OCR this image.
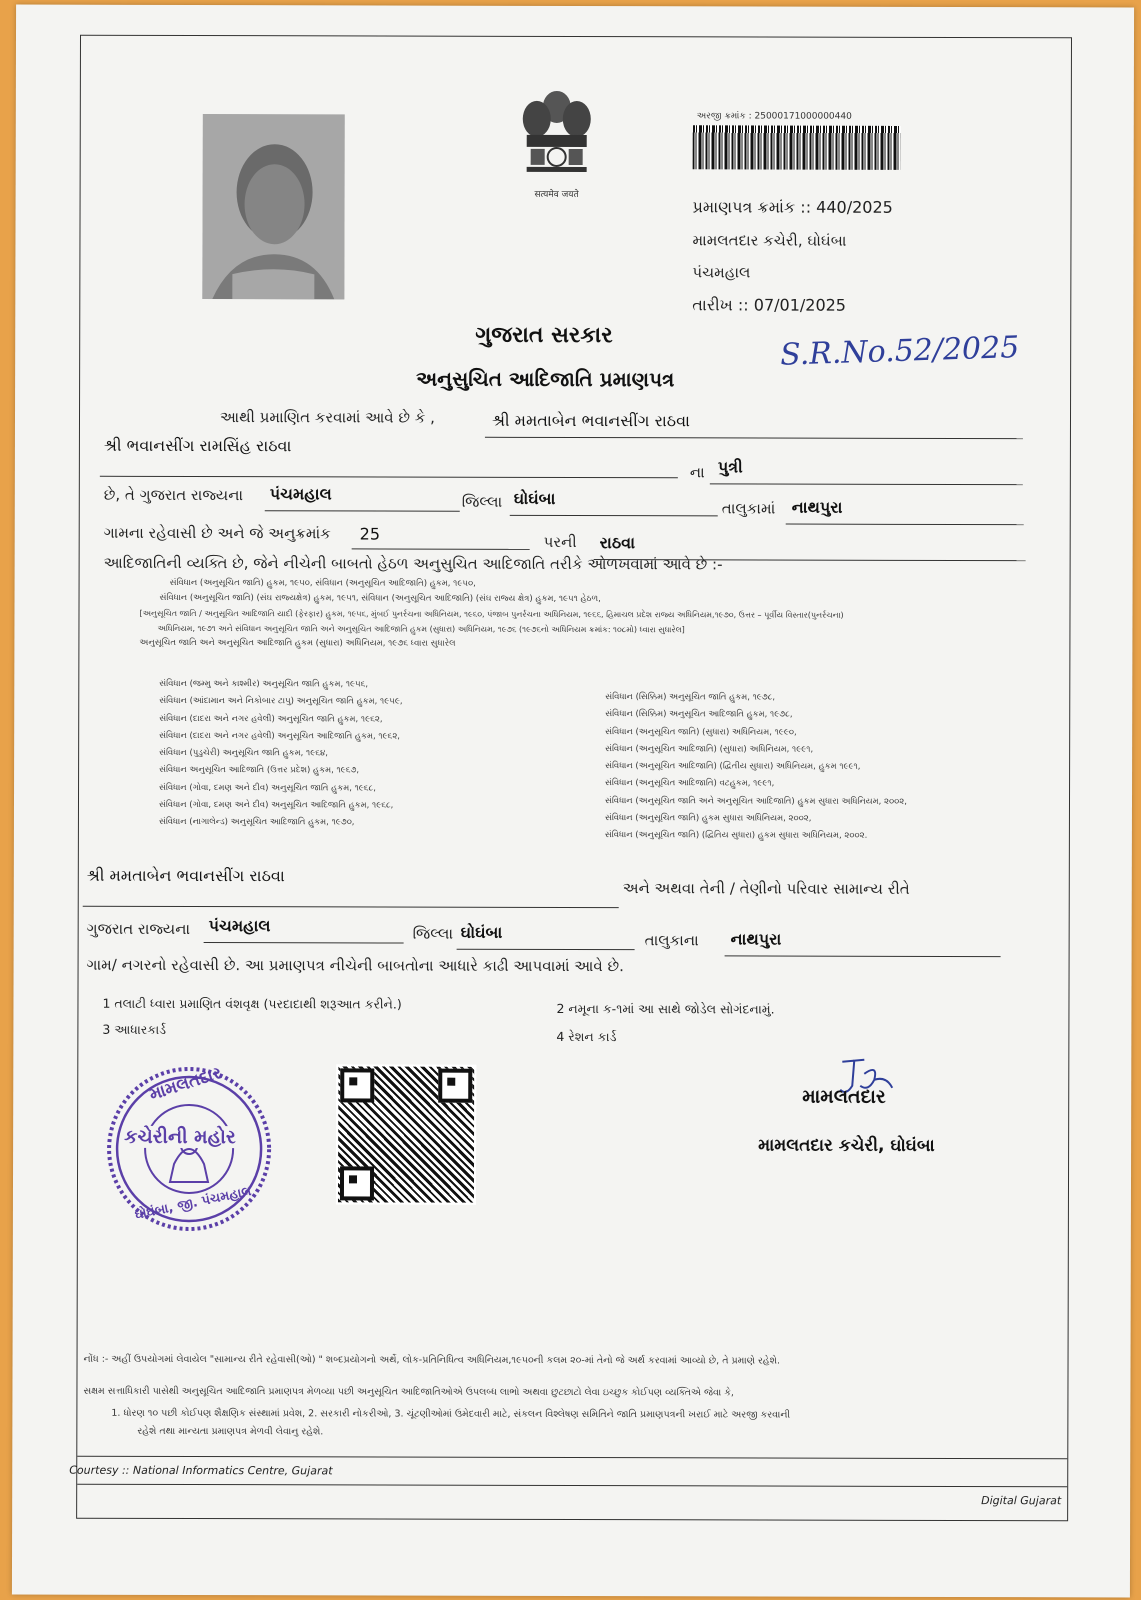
सत्यमेव जयते
અરજી ક્રમાંક : 25000171000000440
પ્રમાણપત્ર ક્રમાંક :: 440/2025
મામલતદાર કચેરી, ઘોઘંબા
પંચમહાલ
તારીખ :: 07/01/2025
S.R.No.52/2025
ગુજરાત સરકાર
અનુસુચિત આદિજાતિ પ્રમાણપત્ર
આથી પ્રમાણિત કરવામાં આવે છે કે ,	શ્રી મમતાબેન ભવાનસીંગ રાઠવા
શ્રી ભવાનસીંગ રામસિંહ રાઠવા
ના પુત્રી
છે, તે ગુજરાત રાજ્યના પંચમહાલ	જિલ્લા ઘોઘંબા
તાલુકામાં નાથપુરા
ગામના રહેવાસી છે અને જે અનુક્રમાંક 25	પરની રાઠવા
આદિજાતિની વ્યક્તિ છે, જેને નીચેની બાબતો હેઠળ અનુસુચિત આદિજાતિ તરીકે ઓળખવામાં આવે છે :-
સંવિધાન (અનુસૂચિત જાતિ) હુકમ, ૧૯૫૦, સંવિધાન (અનુસૂચિત આદિજાતિ) હુકમ, ૧૯૫૦,
સંવિધાન (અનુસૂચિત જાતિ) (સંઘ રાજ્યક્ષેત્ર) હુકમ, ૧૯૫૧, સંવિધાન (અનુસૂચિત આદિજાતિ) (સંઘ રાજ્ય ક્ષેત્ર) હુકમ, ૧૯૫૧ હેઠળ,
[અનુસૂચિત જાતિ / અનુસૂચિત આદિજાતિ યાદી (ફેરફાર) હુકમ, ૧૯૫૬, મુંબઈ પુનર્રચના અધિનિયમ, ૧૯૬૦, પંજાબ પુનર્રચના અધિનિયમ, ૧૯૬૬, હિમાચલ પ્રદેશ રાજ્ય અધિનિયમ,૧૯૭૦, ઉત્તર – પૂર્વીય વિસ્તાર(પુનર્રચના)
અધિનિયમ, ૧૯૭૧ અને સંવિધાન અનુસૂચિત જાતિ અને અનુસૂચિત આદિજાતિ હુકમ (સુધારા) અધિનિયમ, ૧૯૭૬ (૧૯૭૬નો અધિનિયમ ક્રમાંક: ૧૦૮મો) ધ્વારા સુધારેલ]
અનુસૂચિત જાતિ અને અનુસૂચિત આદિજાતિ હુકમ (સુધારા) અધિનિયમ, ૧૯૭૬ ધ્વારા સુધારેલ
સંવિધાન (જમ્મુ અને કાશ્મીર) અનુસૂચિત જાતિ હુકમ, ૧૯૫૬,
સંવિધાન (આંદામાન અને નિકોબાર ટાપુ) અનુસૂચિત જાતિ હુકમ, ૧૯૫૯,
સંવિધાન (દાદરા અને નગર હવેલી) અનુસૂચિત જાતિ હુકમ, ૧૯૬૨,
સંવિધાન (દાદરા અને નગર હવેલી) અનુસૂચિત આદિજાતિ હુકમ, ૧૯૬૨,
સંવિધાન (પુડુચેરી) અનુસૂચિત જાતિ હુકમ, ૧૯૬૪,
સંવિધાન અનુસૂચિત આદિજાતિ (ઉત્તર પ્રદેશ) હુકમ, ૧૯૬૭,
સંવિધાન (ગોવા, દમણ અને દીવ) અનુસૂચિત જાતિ હુકમ, ૧૯૬૮,
સંવિધાન (ગોવા, દમણ અને દીવ) અનુસૂચિત આદિજાતિ હુકમ, ૧૯૬૮,
સંવિધાન (નાગાલેન્ડ) અનુસૂચિત આદિજાતિ હુકમ, ૧૯૭૦,
સંવિધાન (સિક્કિમ) અનુસૂચિત જાતિ હુકમ, ૧૯૭૮,
સંવિધાન (સિક્કિમ) અનુસૂચિત આદિજાતિ હુકમ, ૧૯૭૮,
સંવિધાન (અનુસૂચિત જાતિ) (સુધારા) અધિનિયમ, ૧૯૯૦,
સંવિધાન (અનુસૂચિત આદિજાતિ) (સુધારા) અધિનિયમ, ૧૯૯૧,
સંવિધાન (અનુસૂચિત આદિજાતિ) (દ્વિતીય સુધારા) અધિનિયમ, હુકમ ૧૯૯૧,
સંવિધાન (અનુસૂચિત આદિજાતિ) વટહુકમ, ૧૯૯૧,
સંવિધાન (અનુસૂચિત જાતિ અને અનુસૂચિત આદિજાતિ) હુકમ સુધારા અધિનિયમ, ૨૦૦૨,
સંવિધાન (અનુસૂચિત જાતિ) હુકમ સુધારા અધિનિયમ, ૨૦૦૨,
સંવિધાન (અનુસૂચિત જાતિ) (દ્વિતિય સુધારા) હુકમ સુધારા અધિનિયમ, ૨૦૦૨.
શ્રી મમતાબેન ભવાનસીંગ રાઠવા
અને અથવા તેની / તેણીનો પરિવાર સામાન્ય રીતે
ગુજરાત રાજ્યના પંચમહાલ	જિલ્લા ઘોઘંબા	તાલુકાના નાથપુરા
ગામ/ નગરનો રહેવાસી છે. આ પ્રમાણપત્ર નીચેની બાબતોના આધારે કાઢી આપવામાં આવે છે.
1 તલાટી ધ્વારા પ્રમાણિત વંશવૃક્ષ (પરદાદાથી શરૂઆત કરીને.)	2 નમૂના ક-૧માં આ સાથે જોડેલ સોગંદનામું.
3 આધારકાર્ડ	4 રેશન કાર્ડ
મામલતદાર
કચેરીની મહોર
ઘોઘંબા, જી. પંચમહાલ
મામલતદાર
મામલતદાર કચેરી, ઘોઘંબા
નોંધ :- અહીં ઉપયોગમાં લેવાયેલ "સામાન્ય રીતે રહેવાસી(ઓ) " શબ્દપ્રયોગનો અર્થે, લોક-પ્રતિનિધિત્વ અધિનિયમ,૧૯૫૦ની કલમ ૨૦-માં તેનો જે અર્થ કરવામાં આવ્યો છે, તે પ્રમાણે રહેશે.
સક્ષમ સત્તાધિકારી પાસેથી અનુસૂચિત આદિજાતિ પ્રમાણપત્ર મેળવ્યા પછી અનુસૂચિત આદિજાતિઓએ ઉપલબ્ધ લાભો અથવા છુટછાટો લેવા ઇચ્છુક કોઈપણ વ્યક્તિએ જેવા કે,
1. ધોરણ ૧૦ પછી કોઈપણ શૈક્ષણિક સંસ્થામાં પ્રવેશ, 2. સરકારી નોકરીઓ, 3. ચૂંટણીઓમાં ઉમેદવારી માટે, સંકલન વિશ્લેષણ સમિતિને જાતિ પ્રમાણપત્રની ખરાઈ માટે અરજી કરવાની
રહેશે તથા માન્યતા પ્રમાણપત્ર મેળવી લેવાનુ રહેશે.
Courtesy :: National Informatics Centre, Gujarat
Digital Gujarat
